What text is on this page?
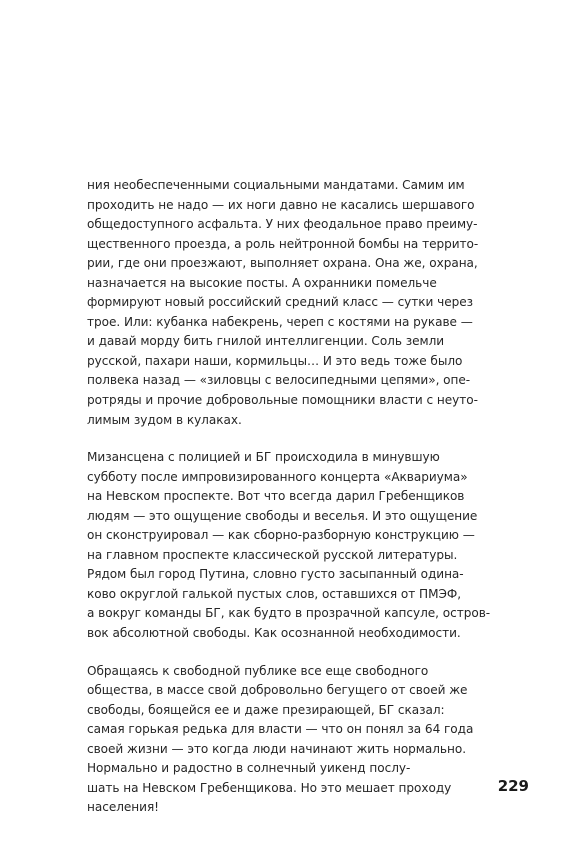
ния необеспеченными социальными мандатами. Самим им
проходить не надо — их ноги давно не касались шершавого
общедоступного асфальта. У них феодальное право преиму-
щественного проезда, а роль нейтронной бомбы на террито-
рии, где они проезжают, выполняет охрана. Она же, охрана,
назначается на высокие посты. А охранники помельче
формируют новый российский средний класс — сутки через
трое. Или: кубанка набекрень, череп с костями на рукаве —
и давай морду бить гнилой интеллигенции. Соль земли
русской, пахари наши, кормильцы… И это ведь тоже было
полвека назад — «зиловцы с велосипедными цепями», опе-
ротряды и прочие добровольные помощники власти с неуто-
лимым зудом в кулаках.
Мизансцена с полицией и БГ происходила в минувшую
субботу после импровизированного концерта «Аквариума»
на Невском проспекте. Вот что всегда дарил Гребенщиков
людям — это ощущение свободы и веселья. И это ощущение
он сконструировал — как сборно-разборную конструкцию —
на главном проспекте классической русской литературы.
Рядом был город Путина, словно густо засыпанный одина-
ково округлой галькой пустых слов, оставшихся от ПМЭФ,
а вокруг команды БГ, как будто в прозрачной капсуле, остров-
вок абсолютной свободы. Как осознанной необходимости.
Обращаясь к свободной публике все еще свободного
общества, в массе свой добровольно бегущего от своей же
свободы, боящейся ее и даже презирающей, БГ сказал:
самая горькая редька для власти — что он понял за 64 года
своей жизни — это когда люди начинают жить нормально.
Нормально и радостно в солнечный уикенд послу-
шать на Невском Гребенщикова. Но это мешает проходу
населения!
229
